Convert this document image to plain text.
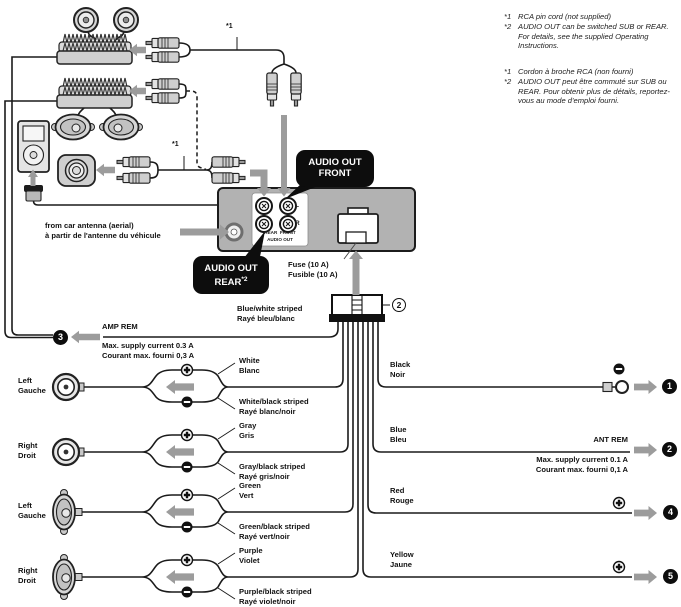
*1 RCA pin cord (not supplied)
*2 AUDIO OUT can be switched SUB or REAR. For details, see the supplied Operating Instructions.
*1 Cordon à broche RCA (non fourni)
*2 AUDIO OUT peut être commuté sur SUB ou REAR. Pour obtenir plus de détails, reportez-vous au mode d'emploi fourni.
*1
*1
AUDIO OUT FRONT
AUDIO OUT REAR$^{*2}$
L
R
REAR  FRONT
AUDIO OUT
Fuse (10 A)
Fusible (10 A)
from car antenna (aerial)
à partir de l'antenne du véhicule
2
3
AMP REM
Max. supply current 0.3 A
Courant max. fourni 0,3 A
Blue/white striped
Rayé bleu/blanc
Left
Gauche
White
Blanc
White/black striped
Rayé blanc/noir
Right
Droit
Gray
Gris
Gray/black striped
Rayé gris/noir
Left
Gauche
Green
Vert
Green/black striped
Rayé vert/noir
Right
Droit
Purple
Violet
Purple/black striped
Rayé violet/noir
Black
Noir
1
Blue
Bleu	ANT REM
Max. supply current 0.1 A
Courant max. fourni 0,1 A
2
Red
Rouge
4
Yellow
Jaune
5
